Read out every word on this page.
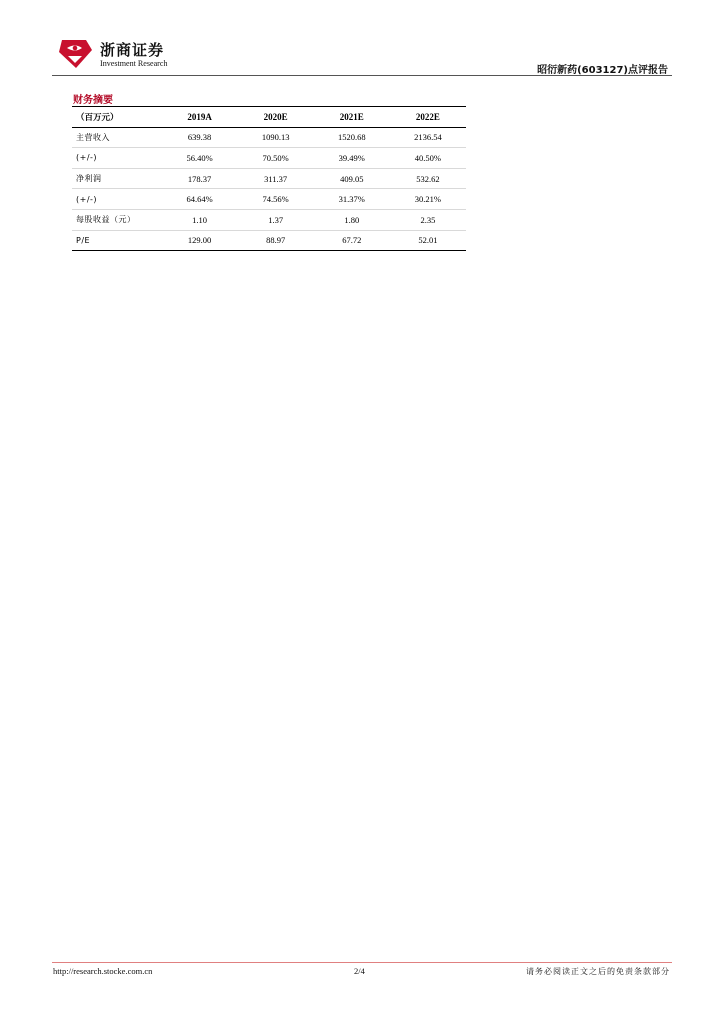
浙商证券
Investment Research
昭衍新药(603127)点评报告
财务摘要
（百万元）	2019A	2020E	2021E	2022E
主营收入	639.38	1090.13	1520.68	2136.54
(+/-)	56.40%	70.50%	39.49%	40.50%
净利润	178.37	311.37	409.05	532.62
(+/-)	64.64%	74.56%	31.37%	30.21%
每股收益（元）	1.10	1.37	1.80	2.35
P/E	129.00	88.97	67.72	52.01
http://research.stocke.com.cn	2/4	请务必阅读正文之后的免责条款部分
